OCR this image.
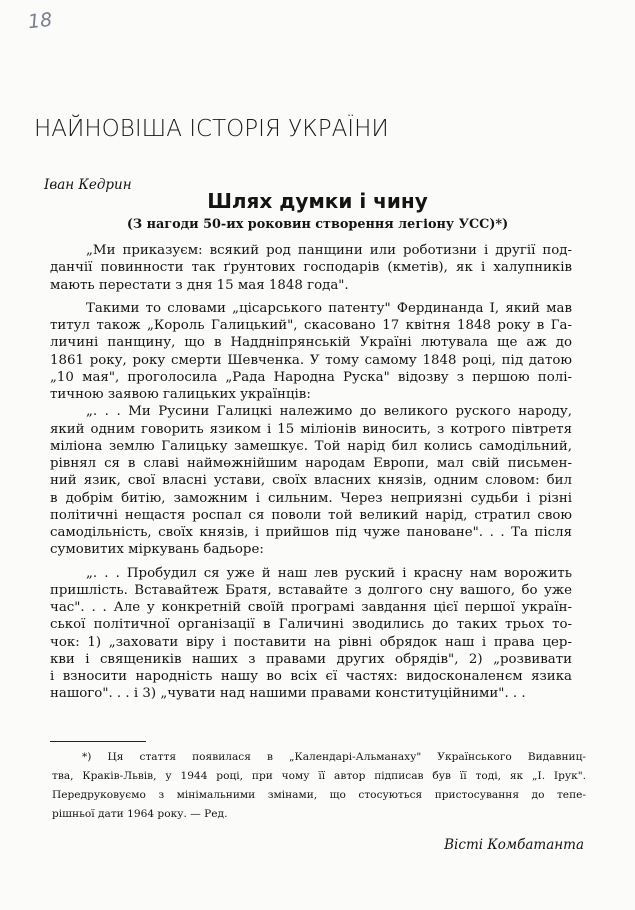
18
НАЙНОВІША ІСТОРІЯ УКРАЇНИ
Іван Кедрин
Шлях думки і чину
(З нагоди 50-их роковин створення легіону УСС)*)

„Ми приказуєм: всякий род панщини или роботизни і другії под-
данчії повинности так ґрунтових господарів (кметів), як і халупників
мають перестати з дня 15 мая 1848 года".

Такими то словами „цісарського патенту" Фердинанда І, який мав
титул також „Король Галицький", скасовано 17 квітня 1848 року в Га-
личині панщину, що в Наддніпрянській Україні лютувала ще аж до
1861 року, року смерти Шевченка. У тому самому 1848 році, під датою
„10 мая", проголосила „Рада Народна Руска" відозву з першою полі-
тичною заявою галицьких українців:

„. . . Ми Русини Галицкі належимо до великого руского народу,
який одним говорить язиком і 15 міліонів виносить, з котрого півтретя
міліона землю Галицьку замешкує. Той нарід бил колись самодільний,
рівнял ся в славі наймөжнійшим народам Европи, мал свій письмен-
ний язик, свої власні устави, своїх власних князів, одним словом: бил
в добрім битію, заможним і сильним. Через неприязні судьби і різні
політичні нещастя роспал ся поволи той великий нарід, стратил свою
самодільність, своїх князів, і прийшов під чуже пановане". . . Та після
сумовитих міркувань бадьоре:

„. . . Пробудил ся уже й наш лев руский і красну нам ворожить
пришлість. Вставайтеж Братя, вставайте з долгого сну вашого, бо уже
час". . . Але у конкретній своїй програмі завдання цієї першої україн-
ської політичної організації в Галичині зводились до таких трьох то-
чок: 1) „заховати віру і поставити на рівні обрядок наш і права цер-
кви і священиків наших з правами других обрядів", 2) „розвивати
і взносити народність нашу во всіх єї частях: видосконаленєм язика
нашого". . . і 3) „чувати над нашими правами конституційними". . .

*) Ця стаття появилася в „Календарі-Альманаху" Українського Видавниц-
тва, Краків-Львів, у 1944 році, при чому її автор підписав був її тоді, як „І. Ірук".
Передруковуємо з мінімальними змінами, що стосуються пристосування до тепе-
рішньої дати 1964 року. — Ред.
Вісті Комбатанта
